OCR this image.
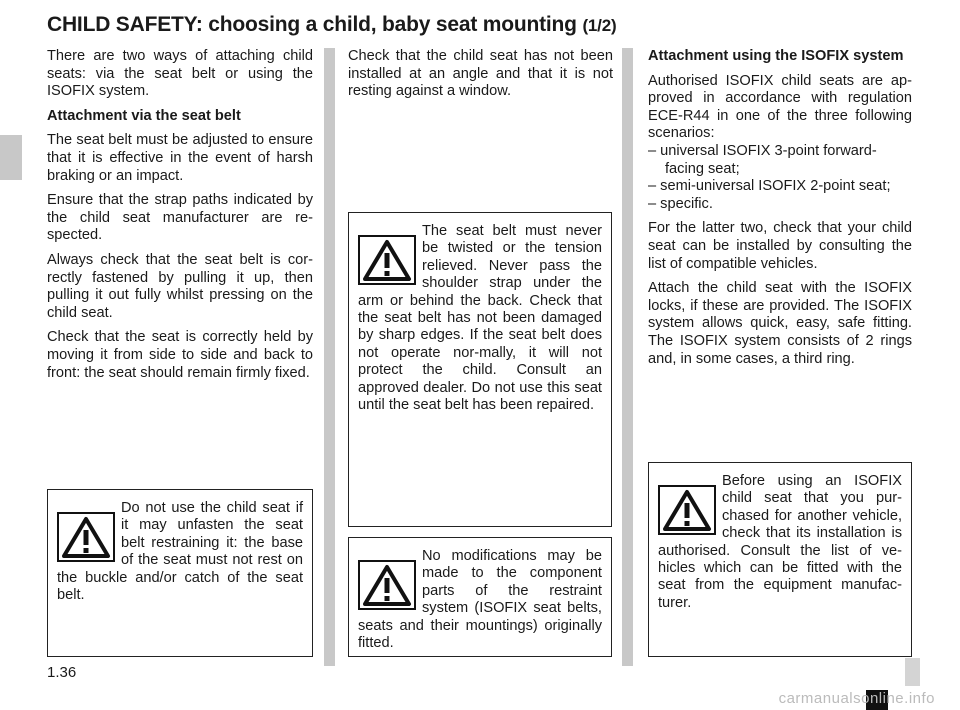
CHILD SAFETY: choosing a child, baby seat mounting (1/2)

There are two ways of attaching child seats: via the seat belt or using the ISOFIX system.

Attachment via the seat belt

The seat belt must be adjusted to ensure that it is effective in the event of harsh braking or an impact.

Ensure that the strap paths indicated by the child seat manufacturer are re-spected.

Always check that the seat belt is cor-rectly fastened by pulling it up, then pulling it out fully whilst pressing on the child seat.

Check that the seat is correctly held by moving it from side to side and back to front: the seat should remain firmly fixed.

Check that the child seat has not been installed at an angle and that it is not resting against a window.

Attachment using the ISOFIX system

Authorised ISOFIX child seats are ap-proved in accordance with regulation ECE-R44 in one of the three following scenarios:

– universal ISOFIX 3-point forward-facing seat;
– semi-universal ISOFIX 2-point seat;
– specific.

For the latter two, check that your child seat can be installed by consulting the list of compatible vehicles.

Attach the child seat with the ISOFIX locks, if these are provided. The ISOFIX system allows quick, easy, safe fitting. The ISOFIX system consists of 2 rings and, in some cases, a third ring.

Do not use the child seat if it may unfasten the seat belt restraining it: the base of the seat must not rest on the buckle and/or catch of the seat belt.

The seat belt must never be twisted or the tension relieved. Never pass the shoulder strap under the arm or behind the back. Check that the seat belt has not been damaged by sharp edges. If the seat belt does not operate nor-mally, it will not protect the child. Consult an approved dealer. Do not use this seat until the seat belt has been repaired.

No modifications may be made to the component parts of the restraint system (ISOFIX seat belts, seats and their mountings) originally fitted.

Before using an ISOFIX child seat that you pur-chased for another vehicle, check that its installation is authorised. Consult the list of ve-hicles which can be fitted with the seat from the equipment manufac-turer.

1.36
carmanualsonline.info
